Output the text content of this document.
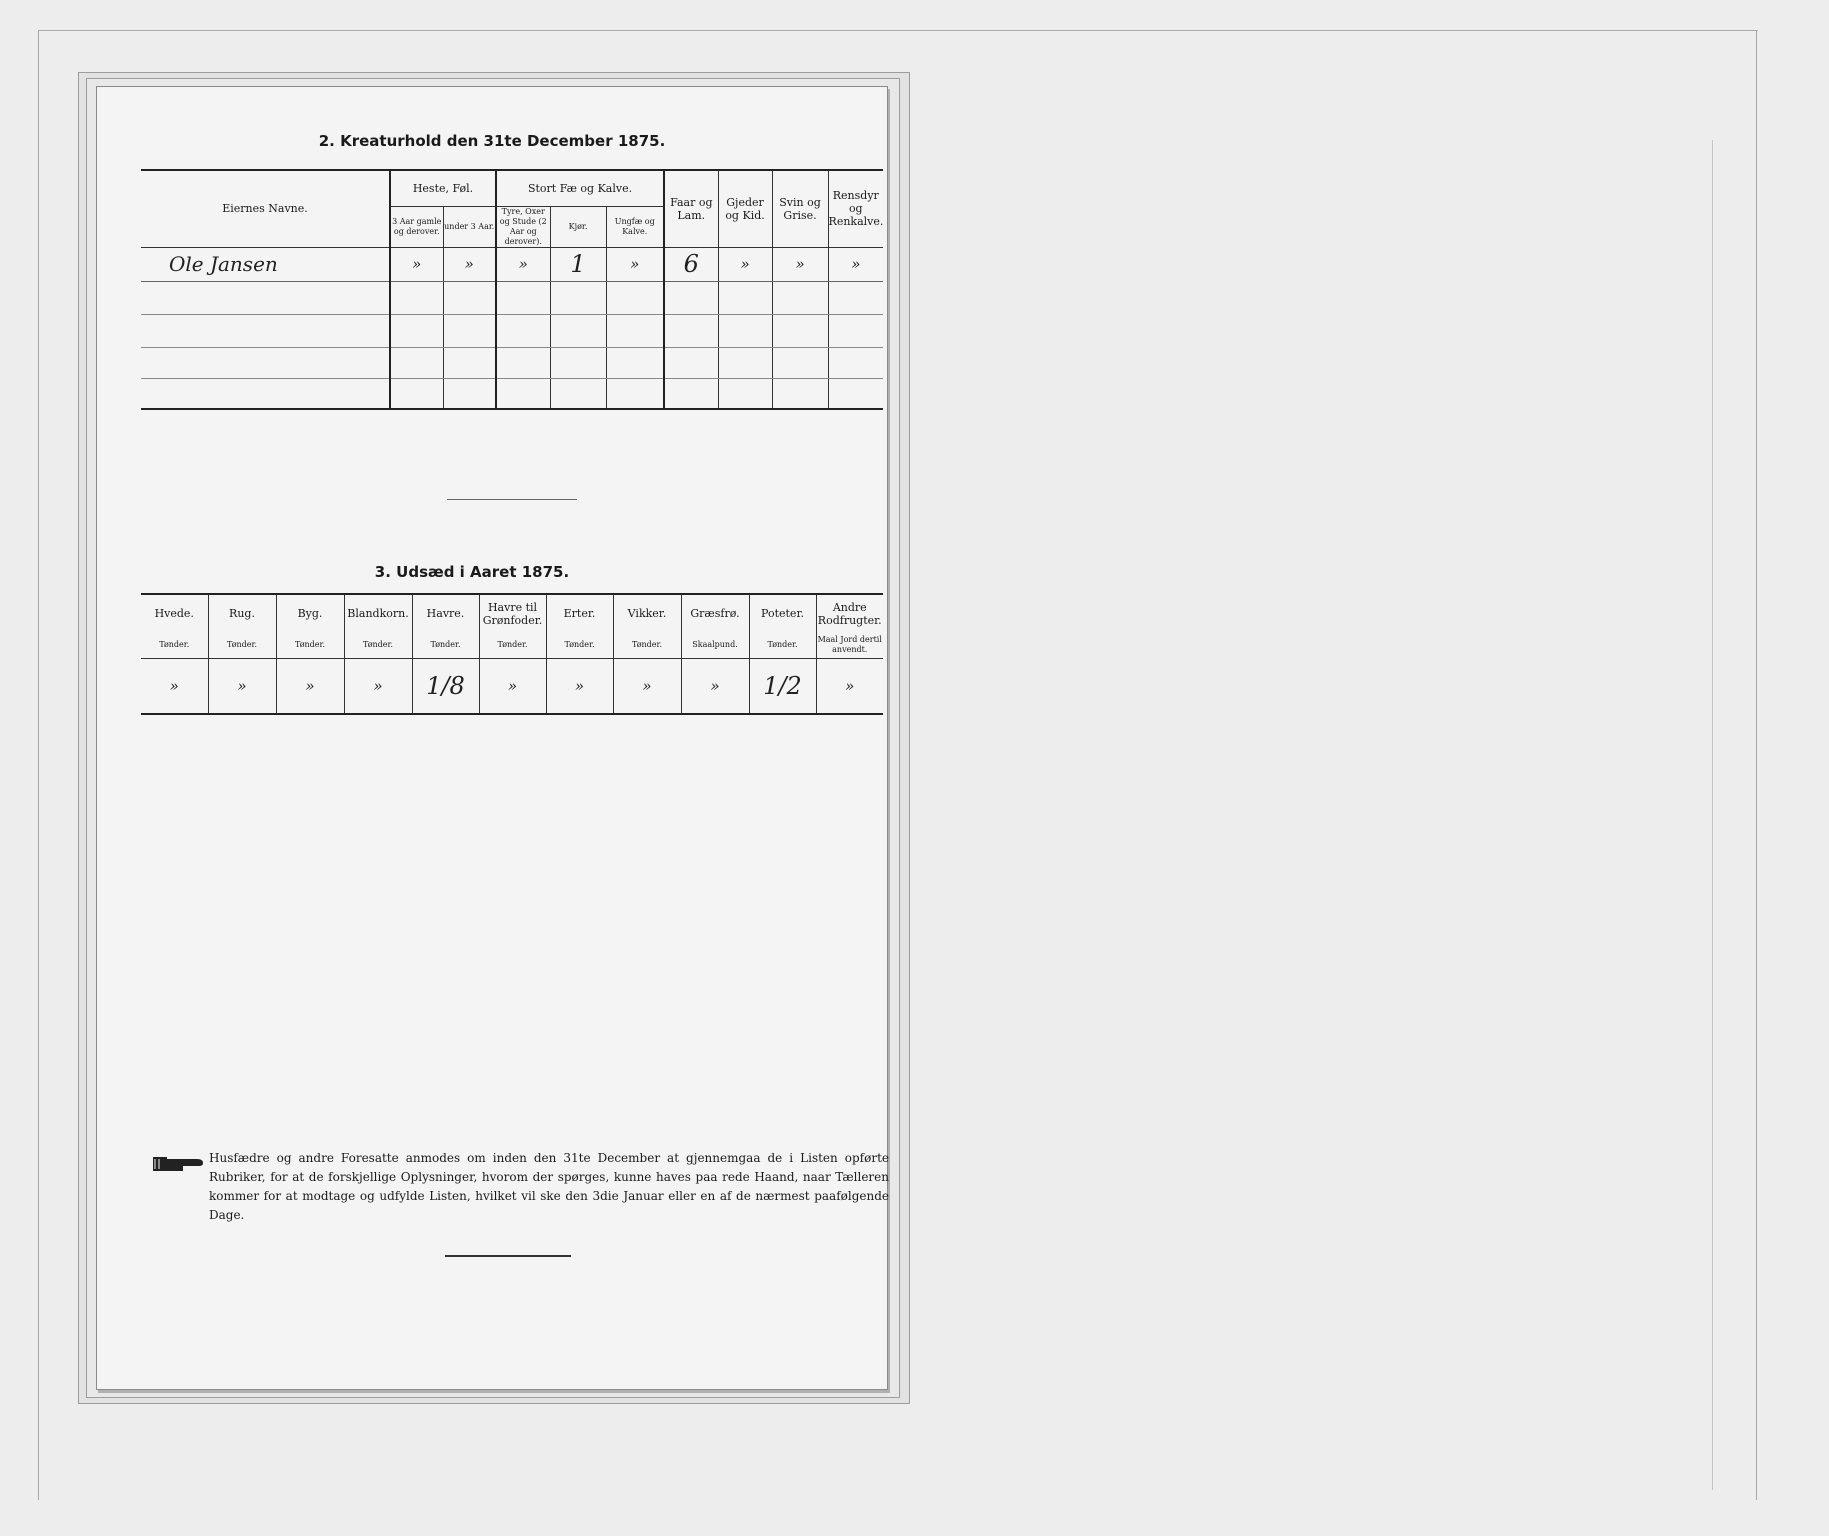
2. Kreaturhold den 31te December 1875.
Eiernes Navne.	Heste, Føl.		Stort Fæ og Kalve.			Faar og Lam.	Gjeder og Kid.	Svin og Grise.	Rensdyr og Renkalve.
	3 Aar gamle og derover.	under 3 Aar.	Tyre, Oxer og Stude (2 Aar og derover).	Kjør.	Ungfæ og Kalve.				
Ole Jansen	»	»	»	1	»	6	»	»	»

3. Udsæd i Aaret 1875.
Hvede.	Rug.	Byg.	Blandkorn.	Havre.	Havre til Grønfoder.	Erter.	Vikker.	Græsfrø.	Poteter.	Andre Rodfrugter.
Tønder.	Tønder.	Tønder.	Tønder.	Tønder.	Tønder.	Tønder.	Tønder.	Skaalpund.	Tønder.	Maal Jord dertil anvendt.
»	»	»	»	1/8	»	»	»	»	1/2	»
Husfædre og andre Foresatte anmodes om inden den 31te December at gjennemgaa de i Listen opførte Rubriker, for at de forskjellige Oplysninger, hvorom der spørges, kunne haves paa rede Haand, naar Tælleren kommer for at modtage og udfylde Listen, hvilket vil ske den 3die Januar eller en af de nærmest paafølgende Dage.
